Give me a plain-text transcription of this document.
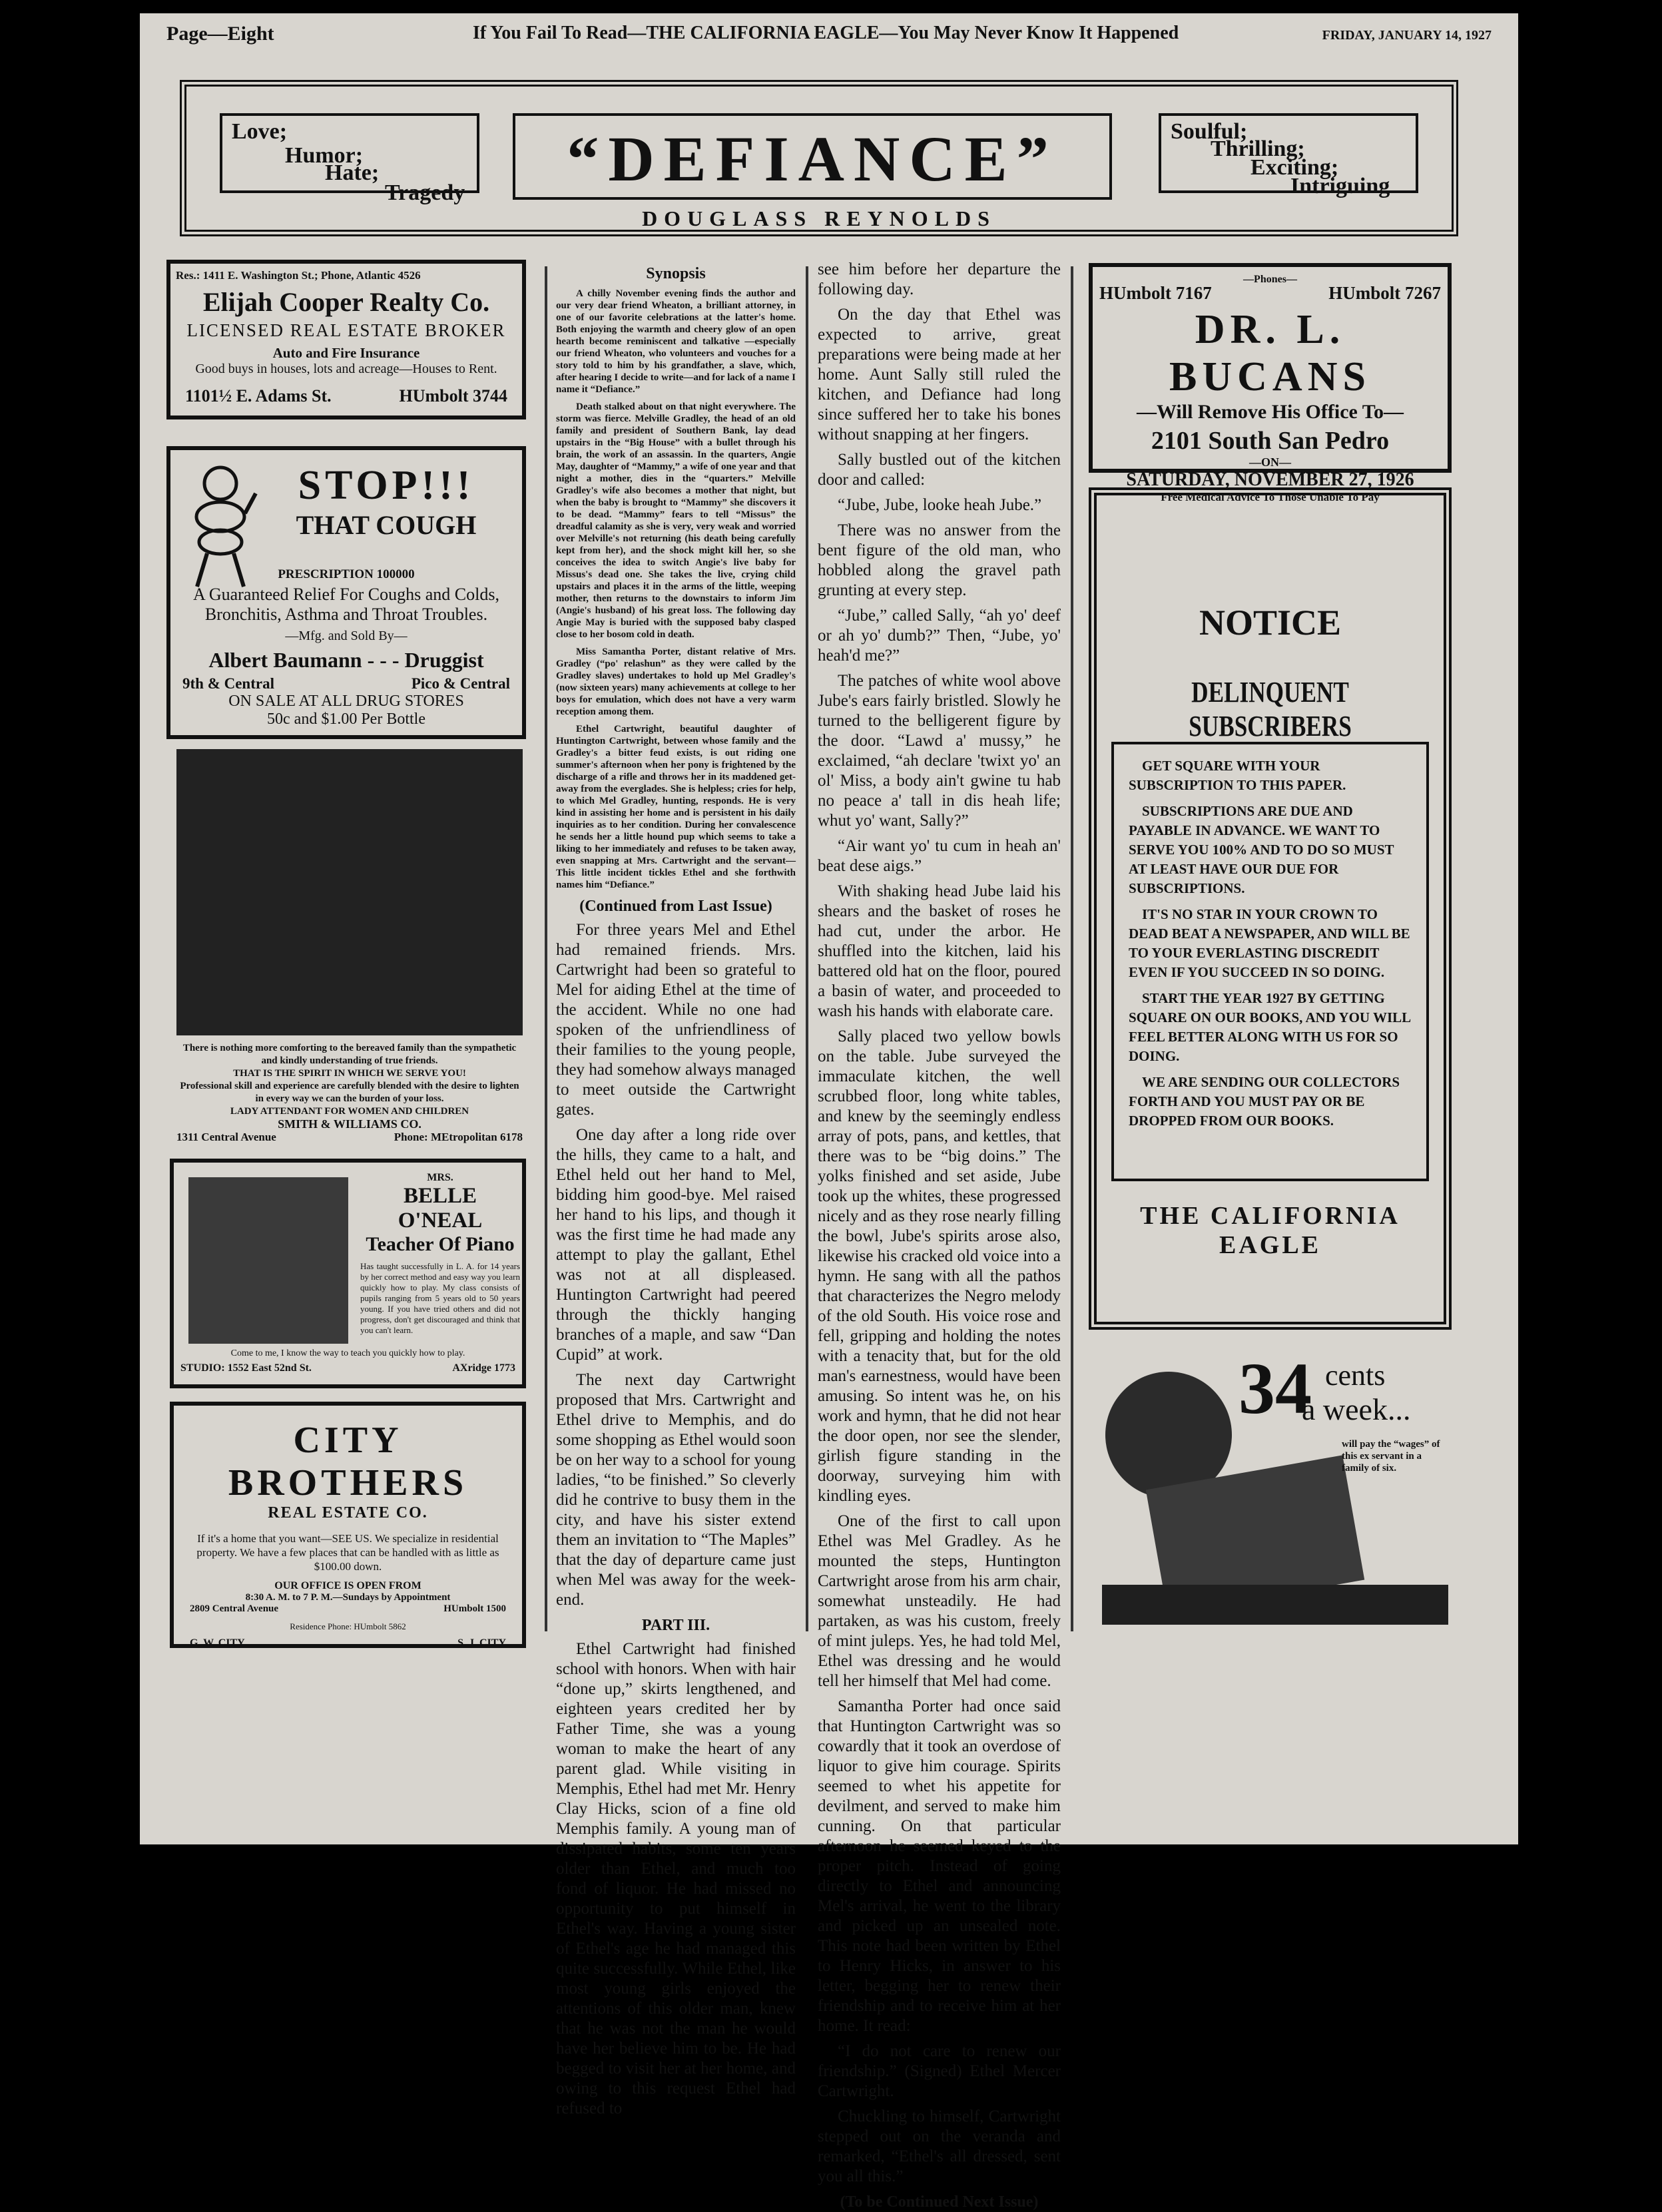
Page—Eight	If You Fail To Read—THE CALIFORNIA EAGLE—You May Never Know It Happened	FRIDAY, JANUARY 14, 1927
Love;
Humor;
Hate;
Tragedy	“DEFIANCE”	Soulful;
Thrilling;
Exciting;
Intriguing
DOUGLASS REYNOLDS
Res.: 1411 E. Washington St.; Phone, Atlantic 4526
Elijah Cooper Realty Co.
LICENSED REAL ESTATE BROKER
Auto and Fire Insurance
Good buys in houses, lots and acreage—Houses to Rent.
1101½ E. Adams St.	HUmbolt 3744
STOP!!!
THAT COUGH
PRESCRIPTION 100000
A Guaranteed Relief For Coughs and Colds, Bronchitis, Asthma and Throat Troubles.
—Mfg. and Sold By—
Albert Baumann - - - Druggist
9th & Central	Pico & Central
ON SALE AT ALL DRUG STORES
50c and $1.00 Per Bottle
There is nothing more comforting to the bereaved family than the sympathetic and kindly understanding of true friends.
THAT IS THE SPIRIT IN WHICH WE SERVE YOU!
Professional skill and experience are carefully blended with the desire to lighten in every way we can the burden of your loss.
LADY ATTENDANT FOR WOMEN AND CHILDREN
SMITH & WILLIAMS CO.
1311 Central Avenue	Phone: MEtropolitan 6178
MRS.
BELLE O'NEAL
Teacher Of Piano
Has taught successfully in L. A. for 14 years by her correct method and easy way you learn quickly how to play. My class consists of pupils ranging from 5 years old to 50 years young. If you have tried others and did not progress, don't get discouraged and think that you can't learn.
Come to me, I know the way to teach you quickly how to play.
STUDIO: 1552 East 52nd St.	AXridge 1773
CITY BROTHERS
REAL ESTATE CO.
If it's a home that you want—SEE US. We specialize in residential property. We have a few places that can be handled with as little as $100.00 down.
OUR OFFICE IS OPEN FROM
8:30 A. M. to 7 P. M.—Sundays by Appointment
2809 Central Avenue	HUmbolt 1500
Residence Phone: HUmbolt 5862
G. W. CITY	S. J. CITY
Synopsis

A chilly November evening finds the author and our very dear friend Wheaton, a brilliant attorney, in one of our favorite celebrations at the latter's home. Both enjoying the warmth and cheery glow of an open hearth become reminiscent and talkative —especially our friend Wheaton, who volunteers and vouches for a story told to him by his grandfather, a slave, which, after hearing I decide to write—and for lack of a name I name it “Defiance.”

Death stalked about on that night everywhere. The storm was fierce. Melville Gradley, the head of an old family and president of Southern Bank, lay dead upstairs in the “Big House” with a bullet through his brain, the work of an assassin. In the quarters, Angie May, daughter of “Mammy,” a wife of one year and that night a mother, dies in the “quarters.” Melville Gradley's wife also becomes a mother that night, but when the baby is brought to “Mammy” she discovers it to be dead. “Mammy” fears to tell “Missus” the dreadful calamity as she is very, very weak and worried over Melville's not returning (his death being carefully kept from her), and the shock might kill her, so she conceives the idea to switch Angie's live baby for Missus's dead one. She takes the live, crying child upstairs and places it in the arms of the little, weeping mother, then returns to the downstairs to inform Jim (Angie's husband) of his great loss. The following day Angie May is buried with the supposed baby clasped close to her bosom cold in death.

Miss Samantha Porter, distant relative of Mrs. Gradley (“po' relashun” as they were called by the Gradley slaves) undertakes to hold up Mel Gradley's (now sixteen years) many achievements at college to her boys for emulation, which does not have a very warm reception among them.

Ethel Cartwright, beautiful daughter of Huntington Cartwright, between whose family and the Gradley's a bitter feud exists, is out riding one summer's afternoon when her pony is frightened by the discharge of a rifle and throws her in its maddened get-away from the everglades. She is helpless; cries for help, to which Mel Gradley, hunting, responds. He is very kind in assisting her home and is persistent in his daily inquiries as to her condition. During her convalescence he sends her a little hound pup which seems to take a liking to her immediately and refuses to be taken away, even snapping at Mrs. Cartwright and the servant—This little incident tickles Ethel and she forthwith names him “Defiance.”

(Continued from Last Issue)

For three years Mel and Ethel had remained friends. Mrs. Cartwright had been so grateful to Mel for aiding Ethel at the time of the accident. While no one had spoken of the unfriendliness of their families to the young people, they had somehow always managed to meet outside the Cartwright gates.

One day after a long ride over the hills, they came to a halt, and Ethel held out her hand to Mel, bidding him good-bye. Mel raised her hand to his lips, and though it was the first time he had made any attempt to play the gallant, Ethel was not at all displeased. Huntington Cartwright had peered through the thickly hanging branches of a maple, and saw “Dan Cupid” at work.

The next day Cartwright proposed that Mrs. Cartwright and Ethel drive to Memphis, and do some shopping as Ethel would soon be on her way to a school for young ladies, “to be finished.” So cleverly did he contrive to busy them in the city, and have his sister extend them an invitation to “The Maples” that the day of departure came just when Mel was away for the week-end.

PART III.

Ethel Cartwright had finished school with honors. When with hair “done up,” skirts lengthened, and eighteen years credited her by Father Time, she was a young woman to make the heart of any parent glad. While visiting in Memphis, Ethel had met Mr. Henry Clay Hicks, scion of a fine old Memphis family. A young man of dissipated habits, some ten years older than Ethel, and much too fond of liquor. He had missed no opportunity to put himself in Ethel's way. Having a young sister of Ethel's age he had managed this quite successfully. While Ethel, like most young girls enjoyed the attentions of this older man, knew that he was not the man he would have her believe him to be. He had begged to visit her at her home, and owing to this request Ethel had refused to

see him before her departure the following day.

On the day that Ethel was expected to arrive, great preparations were being made at her home. Aunt Sally still ruled the kitchen, and Defiance had long since suffered her to take his bones without snapping at her fingers.

Sally bustled out of the kitchen door and called:

“Jube, Jube, looke heah Jube.”

There was no answer from the bent figure of the old man, who hobbled along the gravel path grunting at every step.

“Jube,” called Sally, “ah yo' deef or ah yo' dumb?” Then, “Jube, yo' heah'd me?”

The patches of white wool above Jube's ears fairly bristled. Slowly he turned to the belligerent figure by the door. “Lawd a' mussy,” he exclaimed, “ah declare 'twixt yo' an ol' Miss, a body ain't gwine tu hab no peace a' tall in dis heah life; whut yo' want, Sally?”

“Air want yo' tu cum in heah an' beat dese aigs.”

With shaking head Jube laid his shears and the basket of roses he had cut, under the arbor. He shuffled into the kitchen, laid his battered old hat on the floor, poured a basin of water, and proceeded to wash his hands with elaborate care.

Sally placed two yellow bowls on the table. Jube surveyed the immaculate kitchen, the well scrubbed floor, long white tables, and knew by the seemingly endless array of pots, pans, and kettles, that there was to be “big doins.” The yolks finished and set aside, Jube took up the whites, these progressed nicely and as they rose nearly filling the bowl, Jube's spirits arose also, likewise his cracked old voice into a hymn. He sang with all the pathos that characterizes the Negro melody of the old South. His voice rose and fell, gripping and holding the notes with a tenacity that, but for the old man's earnestness, would have been amusing. So intent was he, on his work and hymn, that he did not hear the door open, nor see the slender, girlish figure standing in the doorway, surveying him with kindling eyes.

One of the first to call upon Ethel was Mel Gradley. As he mounted the steps, Huntington Cartwright arose from his arm chair, somewhat unsteadily. He had partaken, as was his custom, freely of mint juleps. Yes, he had told Mel, Ethel was dressing and he would tell her himself that Mel had come.

Samantha Porter had once said that Huntington Cartwright was so cowardly that it took an overdose of liquor to give him courage. Spirits seemed to whet his appetite for devilment, and served to make him cunning. On that particular afternoon he seemed keyed to the proper pitch. Instead of going directly to Ethel and announcing Mel's arrival, he went to the library and picked up an unsealed note. This note had been written by Ethel to Henry Hicks, in answer to his letter, begging her to renew their friendship and to receive him at her home. It read:

“I do not care to renew our friendship.” (Signed) Ethel Mercer Cartwright.

Chuckling to himself, Cartwright stepped out on the veranda and remarked, “Ethel's all dressed, sent you all this.”

(To be Continued Next Issue)
—Phones—
HUmbolt 7167	HUmbolt 7267
DR. L. BUCANS
—Will Remove His Office To—
2101 South San Pedro
—ON—
SATURDAY, NOVEMBER 27, 1926
Free Medical Advice To Those Unable To Pay
NOTICE
DELINQUENT SUBSCRIBERS

GET SQUARE WITH YOUR SUBSCRIPTION TO THIS PAPER.

SUBSCRIPTIONS ARE DUE AND PAYABLE IN ADVANCE. WE WANT TO SERVE YOU 100% AND TO DO SO MUST AT LEAST HAVE OUR DUE FOR SUBSCRIPTIONS.

IT'S NO STAR IN YOUR CROWN TO DEAD BEAT A NEWSPAPER, AND WILL BE TO YOUR EVERLASTING DISCREDIT EVEN IF YOU SUCCEED IN SO DOING.

START THE YEAR 1927 BY GETTING SQUARE ON OUR BOOKS, AND YOU WILL FEEL BETTER ALONG WITH US FOR SO DOING.

WE ARE SENDING OUR COLLECTORS FORTH AND YOU MUST PAY OR BE DROPPED FROM OUR BOOKS.

THE CALIFORNIA EAGLE
34 cents
a week...
will pay the “wages” of this ex servant in a family of six.
